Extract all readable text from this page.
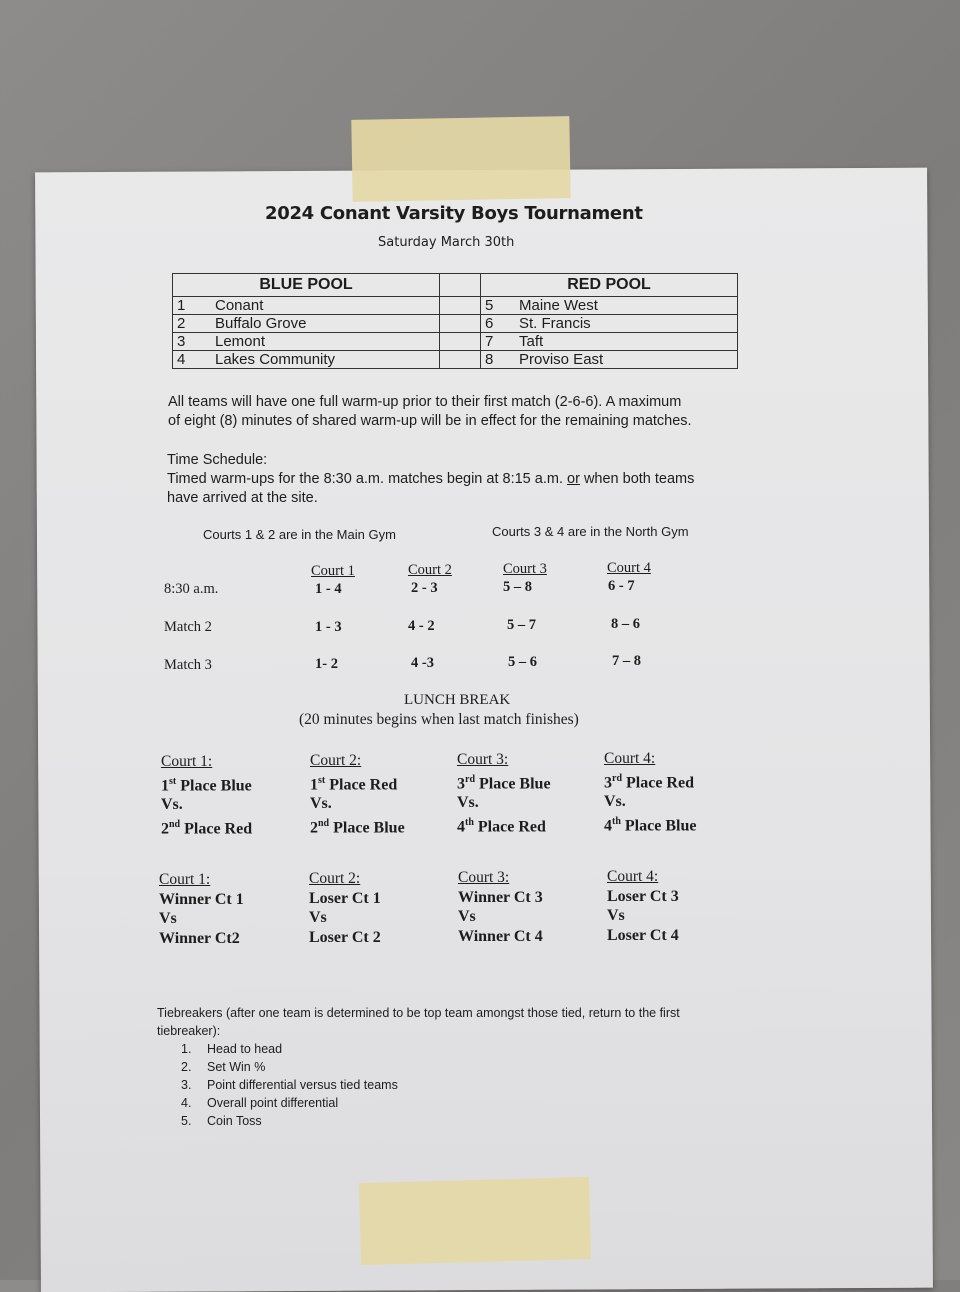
2024 Conant Varsity Boys Tournament
Saturday March 30th
BLUE POOL			RED POOL	
1	Conant		5	Maine West
2	Buffalo Grove		6	St. Francis
3	Lemont		7	Taft
4	Lakes Community		8	Proviso East
All teams will have one full warm-up prior to their first match (2-6-6). A maximum
of eight (8) minutes of shared warm-up will be in effect for the remaining matches.
Time Schedule:
Timed warm-ups for the 8:30 a.m. matches begin at 8:15 a.m. or when both teams
have arrived at the site.
Courts 1 & 2 are in the Main Gym	Courts 3 & 4 are in the North Gym
Court 1	Court 2	Court 3	Court 4
8:30 a.m.	1 - 4	2 - 3	5 – 8	6 - 7
Match 2	1 - 3	4 - 2	5 – 7	8 – 6
Match 3	1- 2	4 -3	5 – 6	7 – 8
LUNCH BREAK
(20 minutes begins when last match finishes)
Court 1:
1st Place Blue
Vs.
2nd Place Red
Court 2:
1st Place Red
Vs.
2nd Place Blue
Court 3:
3rd Place Blue
Vs.
4th Place Red
Court 4:
3rd Place Red
Vs.
4th Place Blue
Court 1:
Winner Ct 1
Vs
Winner Ct2
Court 2:
Loser Ct 1
Vs
Loser Ct 2
Court 3:
Winner Ct 3
Vs
Winner Ct 4
Court 4:
Loser Ct 3
Vs
Loser Ct 4
Tiebreakers (after one team is determined to be top team amongst those tied, return to the first
tiebreaker):
1. Head to head
2. Set Win %
3. Point differential versus tied teams
4. Overall point differential
5. Coin Toss
